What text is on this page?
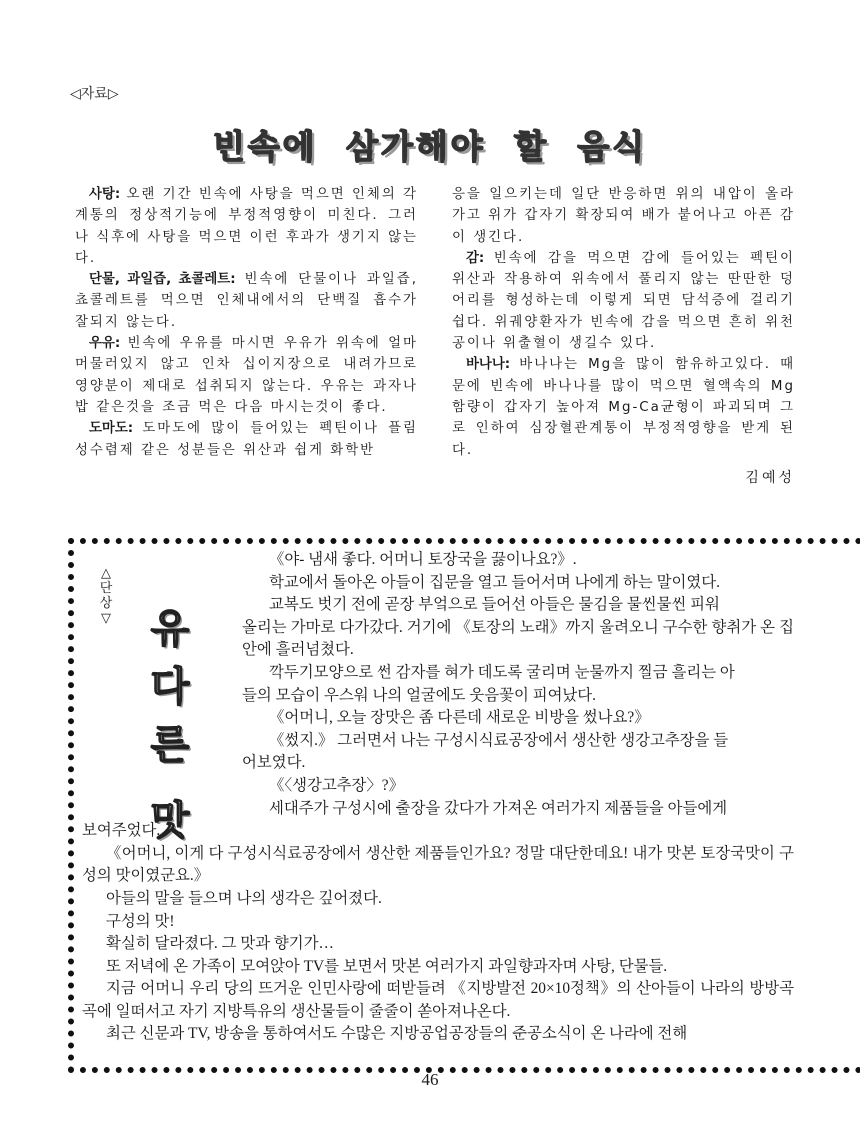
◁자료▷
빈속에 삼가해야 할 음식

사탕: 오랜 기간 빈속에 사탕을 먹으면 인체의 각 계통의 정상적기능에 부정적영향이 미친다. 그러나 식후에 사탕을 먹으면 이런 후과가 생기지 않는다.

단물, 과일즙, 쵸콜레트: 빈속에 단물이나 과일즙, 쵸콜레트를 먹으면 인체내에서의 단백질 흡수가 잘되지 않는다.

우유: 빈속에 우유를 마시면 우유가 위속에 얼마 머물러있지 않고 인차 십이지장으로 내려가므로 영양분이 제대로 섭취되지 않는다. 우유는 과자나 밥 같은것을 조금 먹은 다음 마시는것이 좋다.

도마도: 도마도에 많이 들어있는 펙틴이나 플림성수렴제 같은 성분들은 위산과 쉽게 화학반

응을 일으키는데 일단 반응하면 위의 내압이 올라가고 위가 갑자기 확장되여 배가 붙어나고 아픈 감이 생긴다.

감: 빈속에 감을 먹으면 감에 들어있는 펙틴이 위산과 작용하여 위속에서 풀리지 않는 딴딴한 덩어리를 형성하는데 이렇게 되면 담석증에 걸리기 쉽다. 위궤양환자가 빈속에 감을 먹으면 흔히 위천공이나 위출혈이 생길수 있다.

바나나: 바나나는 Mg을 많이 함유하고있다. 때문에 빈속에 바나나를 많이 먹으면 혈액속의 Mg함량이 갑자기 높아져 Mg-Ca균형이 파괴되며 그로 인하여 심장혈관계통이 부정적영향을 받게 된다.

김예성
△
단
상
▽ 유
다
른
맛

《야- 냄새 좋다. 어머니 토장국을 끓이나요?》.

학교에서 돌아온 아들이 집문을 열고 들어서며 나에게 하는 말이였다.

교복도 벗기 전에 곧장 부엌으로 들어선 아들은 물김을 물씬물씬 피워

올리는 가마로 다가갔다. 거기에 《토장의 노래》까지 울려오니 구수한 향취가 온 집안에 흘러넘쳤다.

깍두기모양으로 썬 감자를 혀가 데도록 굴리며 눈물까지 찔금 흘리는 아

들의 모습이 우스워 나의 얼굴에도 웃음꽃이 피여났다.

《어머니, 오늘 장맛은 좀 다른데 새로운 비방을 썼나요?》

《썼지.》 그러면서 나는 구성시식료공장에서 생산한 생강고추장을 들

어보였다.

《〈생강고추장〉?》

세대주가 구성시에 출장을 갔다가 가져온 여러가지 제품들을 아들에게

보여주었다.

《어머니, 이게 다 구성시식료공장에서 생산한 제품들인가요? 정말 대단한데요! 내가 맛본 토장국맛이 구성의 맛이였군요.》

아들의 말을 들으며 나의 생각은 깊어졌다.

구성의 맛!

확실히 달라졌다. 그 맛과 향기가…

또 저녁에 온 가족이 모여앉아 TV를 보면서 맛본 여러가지 과일향과자며 사탕, 단물들.

지금 어머니 우리 당의 뜨거운 인민사랑에 떠받들려 《지방발전 20×10정책》의 산아들이 나라의 방방곡곡에 일떠서고 자기 지방특유의 생산물들이 줄줄이 쏟아져나온다.

최근 신문과 TV, 방송을 통하여서도 수많은 지방공업공장들의 준공소식이 온 나라에 전해

46
